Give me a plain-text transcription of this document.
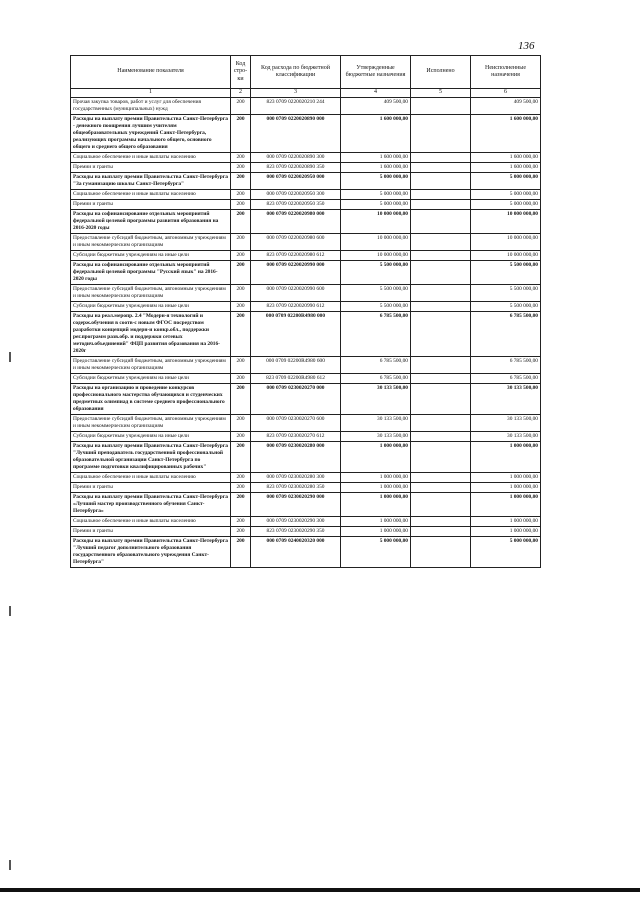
136
Наименование показателя	Код стро-ки	Код расхода по бюджетной классификации	Утвержденные бюджетные назначения	Исполнено	Неисполненные назначения
1	2	3	4	5	6
Прочая закупка товаров, работ и услуг для обеспечения государственных (муниципальных) нужд	200	823 0709 0220020210 244	409 500,00		409 500,00
Расходы на выплату премии Правительства Санкт-Петербурга - денежного поощрения лучшим учителям общеобразовательных учреждений Санкт-Петербурга, реализующих программы начального общего, основного общего и среднего общего образования	200	000 0709 0220020890 000	1 600 000,00		1 600 000,00
Социальное обеспечение и иные выплаты населению	200	000 0709 0220020890 300	1 600 000,00		1 600 000,00
Премии и гранты	200	823 0709 0220020890 350	1 600 000,00		1 600 000,00
Расходы на выплату премии Правительства Санкт-Петербурга "За гуманизацию школы Санкт-Петербурга"	200	000 0709 0220020950 000	5 000 000,00		5 000 000,00
Социальное обеспечение и иные выплаты населению	200	000 0709 0220020950 300	5 000 000,00		5 000 000,00
Премии и гранты	200	823 0709 0220020950 350	5 000 000,00		5 000 000,00
Расходы на софинансирование отдельных мероприятий федеральной целевой программы развития образования на 2016-2020 годы	200	000 0709 0220020980 000	10 000 000,00		10 000 000,00
Предоставление субсидий бюджетным, автономным учреждениям и иным некоммерческим организациям	200	000 0709 0220020980 600	10 000 000,00		10 000 000,00
Субсидии бюджетным учреждениям на иные цели	200	823 0709 0220020980 612	10 000 000,00		10 000 000,00
Расходы на софинансирование отдельных мероприятий федеральной целевой программы "Русский язык" на 2016-2020 годы	200	000 0709 0220020990 000	5 500 000,00		5 500 000,00
Предоставление субсидий бюджетным, автономным учреждениям и иным некоммерческим организациям	200	000 0709 0220020990 600	5 500 000,00		5 500 000,00
Субсидии бюджетным учреждениям на иные цели	200	823 0709 0220020990 612	5 500 000,00		5 500 000,00
Расходы на реал.меропр. 2.4 "Модерн-я технологий и содерж.обучения в соотв-с новым ФГОС посредством разработки концепций модерн-и конкр.обл., поддержки рег.программ разв.обр. и поддержки сетевых методич.объединений" ФЦП развития образования на 2016-2020г	200	000 0709 02200R4980 000	6 785 500,00		6 785 500,00
Предоставление субсидий бюджетным, автономным учреждениям и иным некоммерческим организациям	200	000 0709 02200R4980 600	6 785 500,00		6 785 500,00
Субсидии бюджетным учреждениям на иные цели	200	823 0709 02200R4980 612	6 785 500,00		6 785 500,00
Расходы на организацию и проведение конкурсов профессионального мастерства обучающихся и студенческих предметных олимпиад в системе среднего профессионального образования	200	000 0709 0230020270 000	30 133 500,00		30 133 500,00
Предоставление субсидий бюджетным, автономным учреждениям и иным некоммерческим организациям	200	000 0709 0230020270 600	30 133 500,00		30 133 500,00
Субсидии бюджетным учреждениям на иные цели	200	823 0709 0230020270 612	30 133 500,00		30 133 500,00
Расходы на выплату премии Правительства Санкт-Петербурга "Лучший преподаватель государственной профессиональной образовательной организации Санкт-Петербурга по программе подготовки квалифицированных рабочих"	200	000 0709 0230020280 000	1 000 000,00		1 000 000,00
Социальное обеспечение и иные выплаты населению	200	000 0709 0230020280 300	1 000 000,00		1 000 000,00
Премии и гранты	200	823 0709 0230020280 350	1 000 000,00		1 000 000,00
Расходы на выплату премии Правительства Санкт-Петербурга «Лучший мастер производственного обучения Санкт-Петербурга»	200	000 0709 0230020290 000	1 000 000,00		1 000 000,00
Социальное обеспечение и иные выплаты населению	200	000 0709 0230020290 300	1 000 000,00		1 000 000,00
Премии и гранты	200	823 0709 0230020290 350	1 000 000,00		1 000 000,00
Расходы на выплату премии Правительства Санкт-Петербурга "Лучший педагог дополнительного образования государственного образовательного учреждения Санкт-Петербурга"	200	000 0709 0240020320 000	5 000 000,00		5 000 000,00
